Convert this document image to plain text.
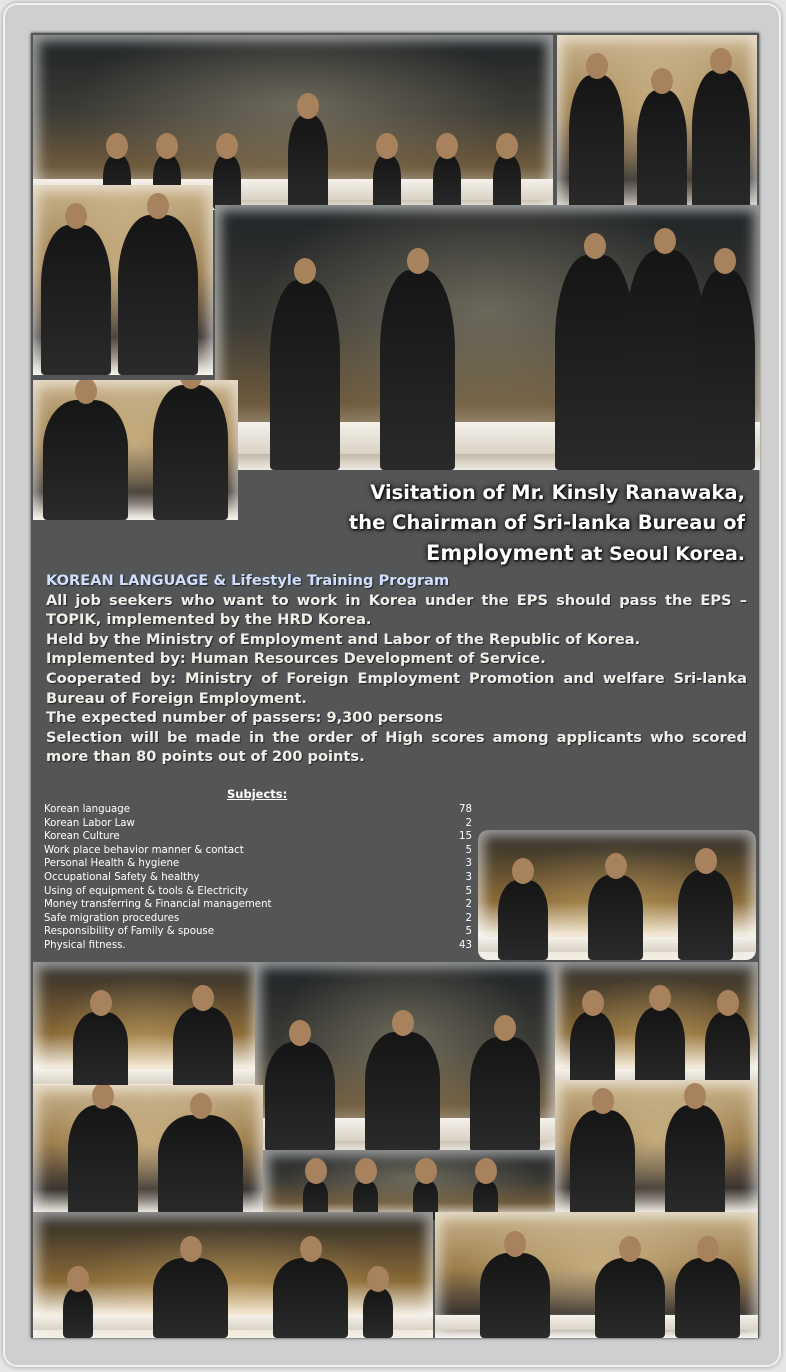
Visitation of Mr. Kinsly Ranawaka,
the Chairman of Sri-lanka Bureau of
Employment at Seoul Korea.

KOREAN LANGUAGE & Lifestyle Training Program

All job seekers who want to work in Korea under the EPS should pass the EPS –TOPIK, implemented by the HRD Korea.

Held by the Ministry of Employment and Labor of the Republic of Korea.

Implemented by: Human Resources Development of Service.

Cooperated by: Ministry of Foreign Employment Promotion and welfare Sri-lanka Bureau of Foreign Employment.

The expected number of passers: 9,300 persons

Selection will be made in the order of High scores among applicants who scored more than 80 points out of 200 points.

Subjects:
Korean language	78
Korean Labor Law	2
Korean Culture	15
Work place behavior manner & contact	5
Personal Health & hygiene	3
Occupational Safety & healthy	3
Using of equipment & tools & Electricity	5
Money transferring & Financial management	2
Safe migration procedures	2
Responsibility of Family & spouse	5
Physical fitness.	43
